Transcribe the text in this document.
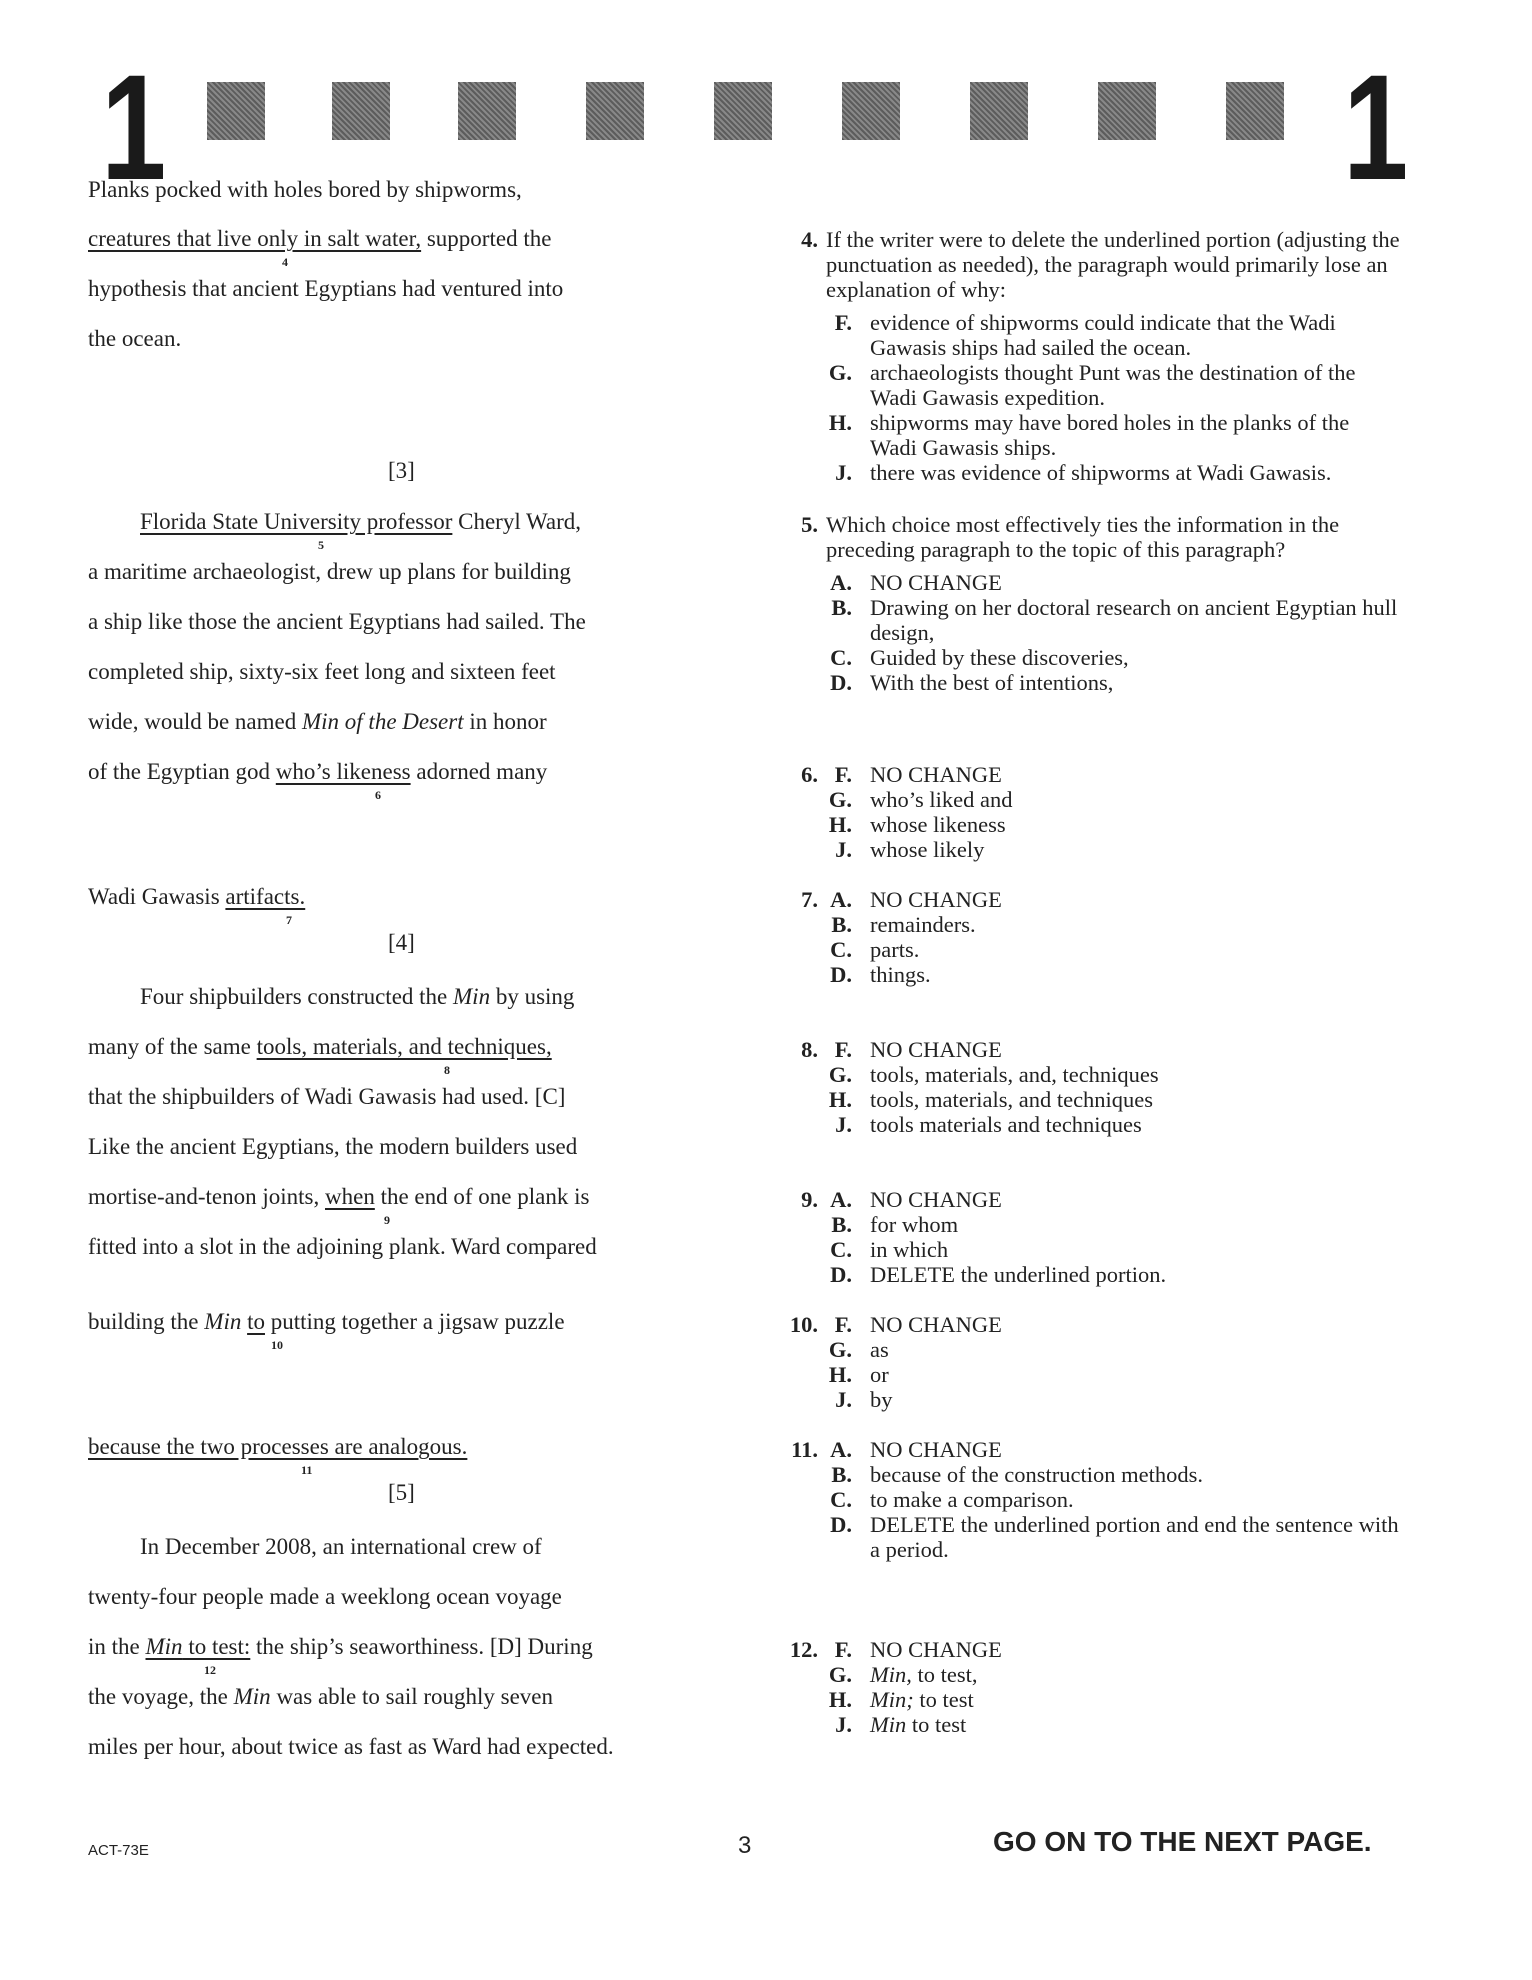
1	1
Planks pocked with holes bored by shipworms,
creatures that live only in salt water, supported the
4
hypothesis that ancient Egyptians had ventured into
the ocean.
[3]
Florida State University professor Cheryl Ward,
5
a maritime archaeologist, drew up plans for building
a ship like those the ancient Egyptians had sailed. The
completed ship, sixty-six feet long and sixteen feet
wide, would be named Min of the Desert in honor
of the Egyptian god who’s likeness adorned many
6
Wadi Gawasis artifacts.
7
[4]
Four shipbuilders constructed the Min by using
many of the same tools, materials, and techniques,
8
that the shipbuilders of Wadi Gawasis had used. [C]
Like the ancient Egyptians, the modern builders used
mortise-and-tenon joints, when the end of one plank is
9
fitted into a slot in the adjoining plank. Ward compared
building the Min to putting together a jigsaw puzzle
10
because the two processes are analogous.
11
[5]
In December 2008, an international crew of
twenty-four people made a weeklong ocean voyage
in the Min to test: the ship’s seaworthiness. [D] During
12
the voyage, the Min was able to sail roughly seven
miles per hour, about twice as fast as Ward had expected.
4. If the writer were to delete the underlined portion (adjusting the punctuation as needed), the paragraph would primarily lose an explanation of why:
F. evidence of shipworms could indicate that the Wadi Gawasis ships had sailed the ocean.
G. archaeologists thought Punt was the destination of the Wadi Gawasis expedition.
H. shipworms may have bored holes in the planks of the Wadi Gawasis ships.
J. there was evidence of shipworms at Wadi Gawasis.
5. Which choice most effectively ties the information in the preceding paragraph to the topic of this paragraph?
A. NO CHANGE
B. Drawing on her doctoral research on ancient Egyptian hull design,
C. Guided by these discoveries,
D. With the best of intentions,
6. F. NO CHANGE
G. who’s liked and
H. whose likeness
J. whose likely
7. A. NO CHANGE
B. remainders.
C. parts.
D. things.
8. F. NO CHANGE
G. tools, materials, and, techniques
H. tools, materials, and techniques
J. tools materials and techniques
9. A. NO CHANGE
B. for whom
C. in which
D. DELETE the underlined portion.
10. F. NO CHANGE
G. as
H. or
J. by
11. A. NO CHANGE
B. because of the construction methods.
C. to make a comparison.
D. DELETE the underlined portion and end the sentence with a period.
12. F. NO CHANGE
G. Min, to test,
H. Min; to test
J. Min to test
ACT-73E	3	GO ON TO THE NEXT PAGE.
